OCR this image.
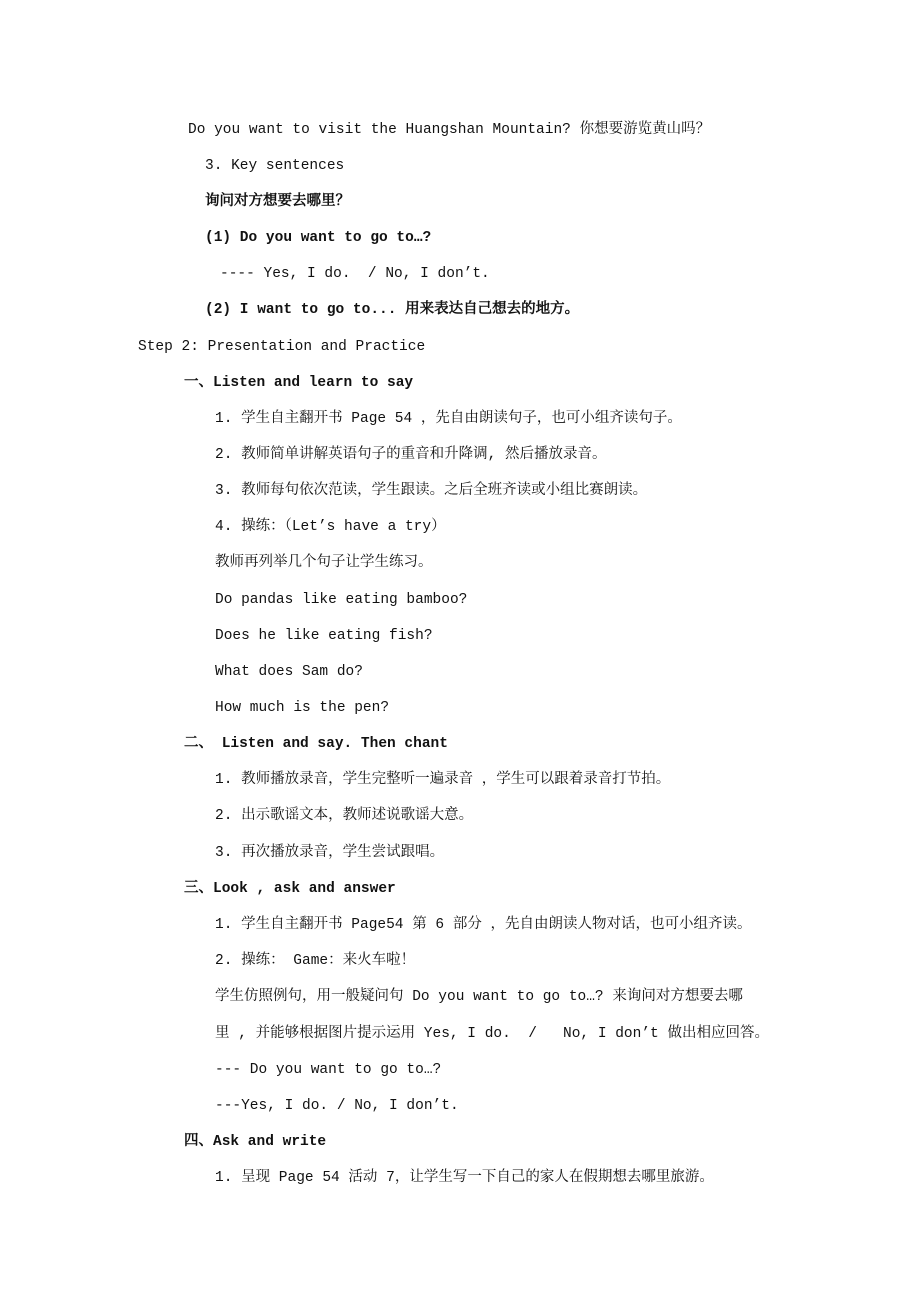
Do you want to visit the Huangshan Mountain? 你想要游览黄山吗？
3. Key sentences
询问对方想要去哪里？
(1) Do you want to go to…?
---- Yes, I do.  / No, I don’t.
(2) I want to go to... 用来表达自己想去的地方。
Step 2: Presentation and Practice
一、Listen and learn to say
1. 学生自主翻开书 Page 54 ，先自由朗读句子，也可小组齐读句子。
2. 教师简单讲解英语句子的重音和升降调, 然后播放录音。
3. 教师每句依次范读，学生跟读。之后全班齐读或小组比赛朗读。
4. 操练：（Let’s have a try）
教师再列举几个句子让学生练习。
Do pandas like eating bamboo?
Does he like eating fish?
What does Sam do?
How much is the pen?
二、 Listen and say. Then chant
1. 教师播放录音，学生完整听一遍录音 ，学生可以跟着录音打节拍。
2. 出示歌谣文本，教师述说歌谣大意。
3. 再次播放录音，学生尝试跟唱。
三、Look , ask and answer
1. 学生自主翻开书 Page54 第 6 部分 ，先自由朗读人物对话，也可小组齐读。
2. 操练： Game：来火车啦！
学生仿照例句，用一般疑问句 Do you want to go to…? 来询问对方想要去哪
里 , 并能够根据图片提示运用 Yes, I do.  /   No, I don’t 做出相应回答。
--- Do you want to go to…?
---Yes, I do. / No, I don’t.
四、Ask and write
1. 呈现 Page 54 活动 7，让学生写一下自己的家人在假期想去哪里旅游。
